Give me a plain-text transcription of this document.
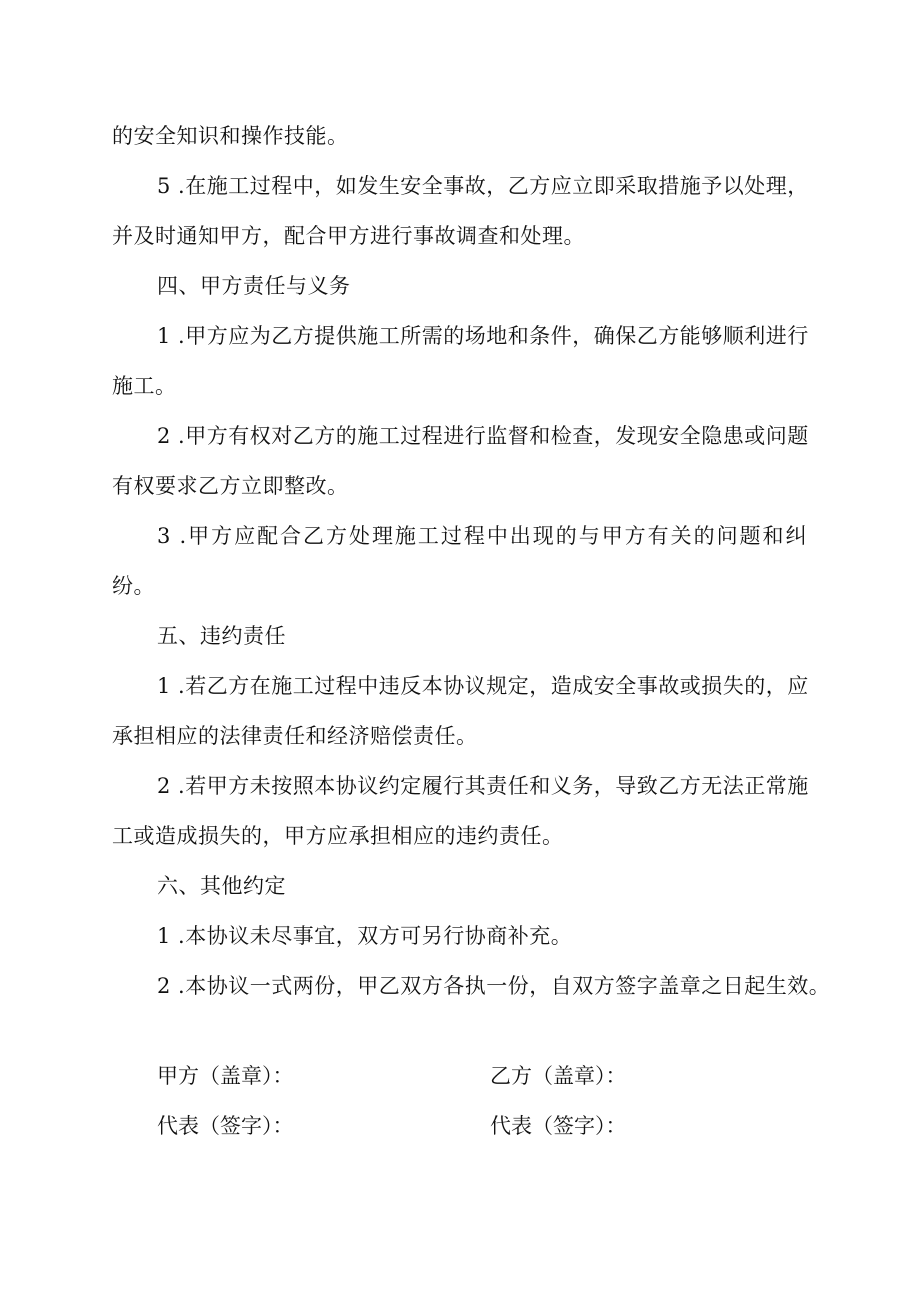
的安全知识和操作技能。
5 .在施工过程中，如发生安全事故，乙方应立即采取措施予以处理，
并及时通知甲方，配合甲方进行事故调查和处理。
四、甲方责任与义务
1 .甲方应为乙方提供施工所需的场地和条件，确保乙方能够顺利进行
施工。
2 .甲方有权对乙方的施工过程进行监督和检查，发现安全隐患或问题
有权要求乙方立即整改。
3 .甲方应配合乙方处理施工过程中出现的与甲方有关的问题和纠
纷。
五、违约责任
1 .若乙方在施工过程中违反本协议规定，造成安全事故或损失的，应
承担相应的法律责任和经济赔偿责任。
2 .若甲方未按照本协议约定履行其责任和义务，导致乙方无法正常施
工或造成损失的，甲方应承担相应的违约责任。
六、其他约定
1 .本协议未尽事宜，双方可另行协商补充。
2 .本协议一式两份，甲乙双方各执一份，自双方签字盖章之日起生效。
甲方（盖章）：	乙方（盖章）：
代表（签字）：	代表（签字）：
